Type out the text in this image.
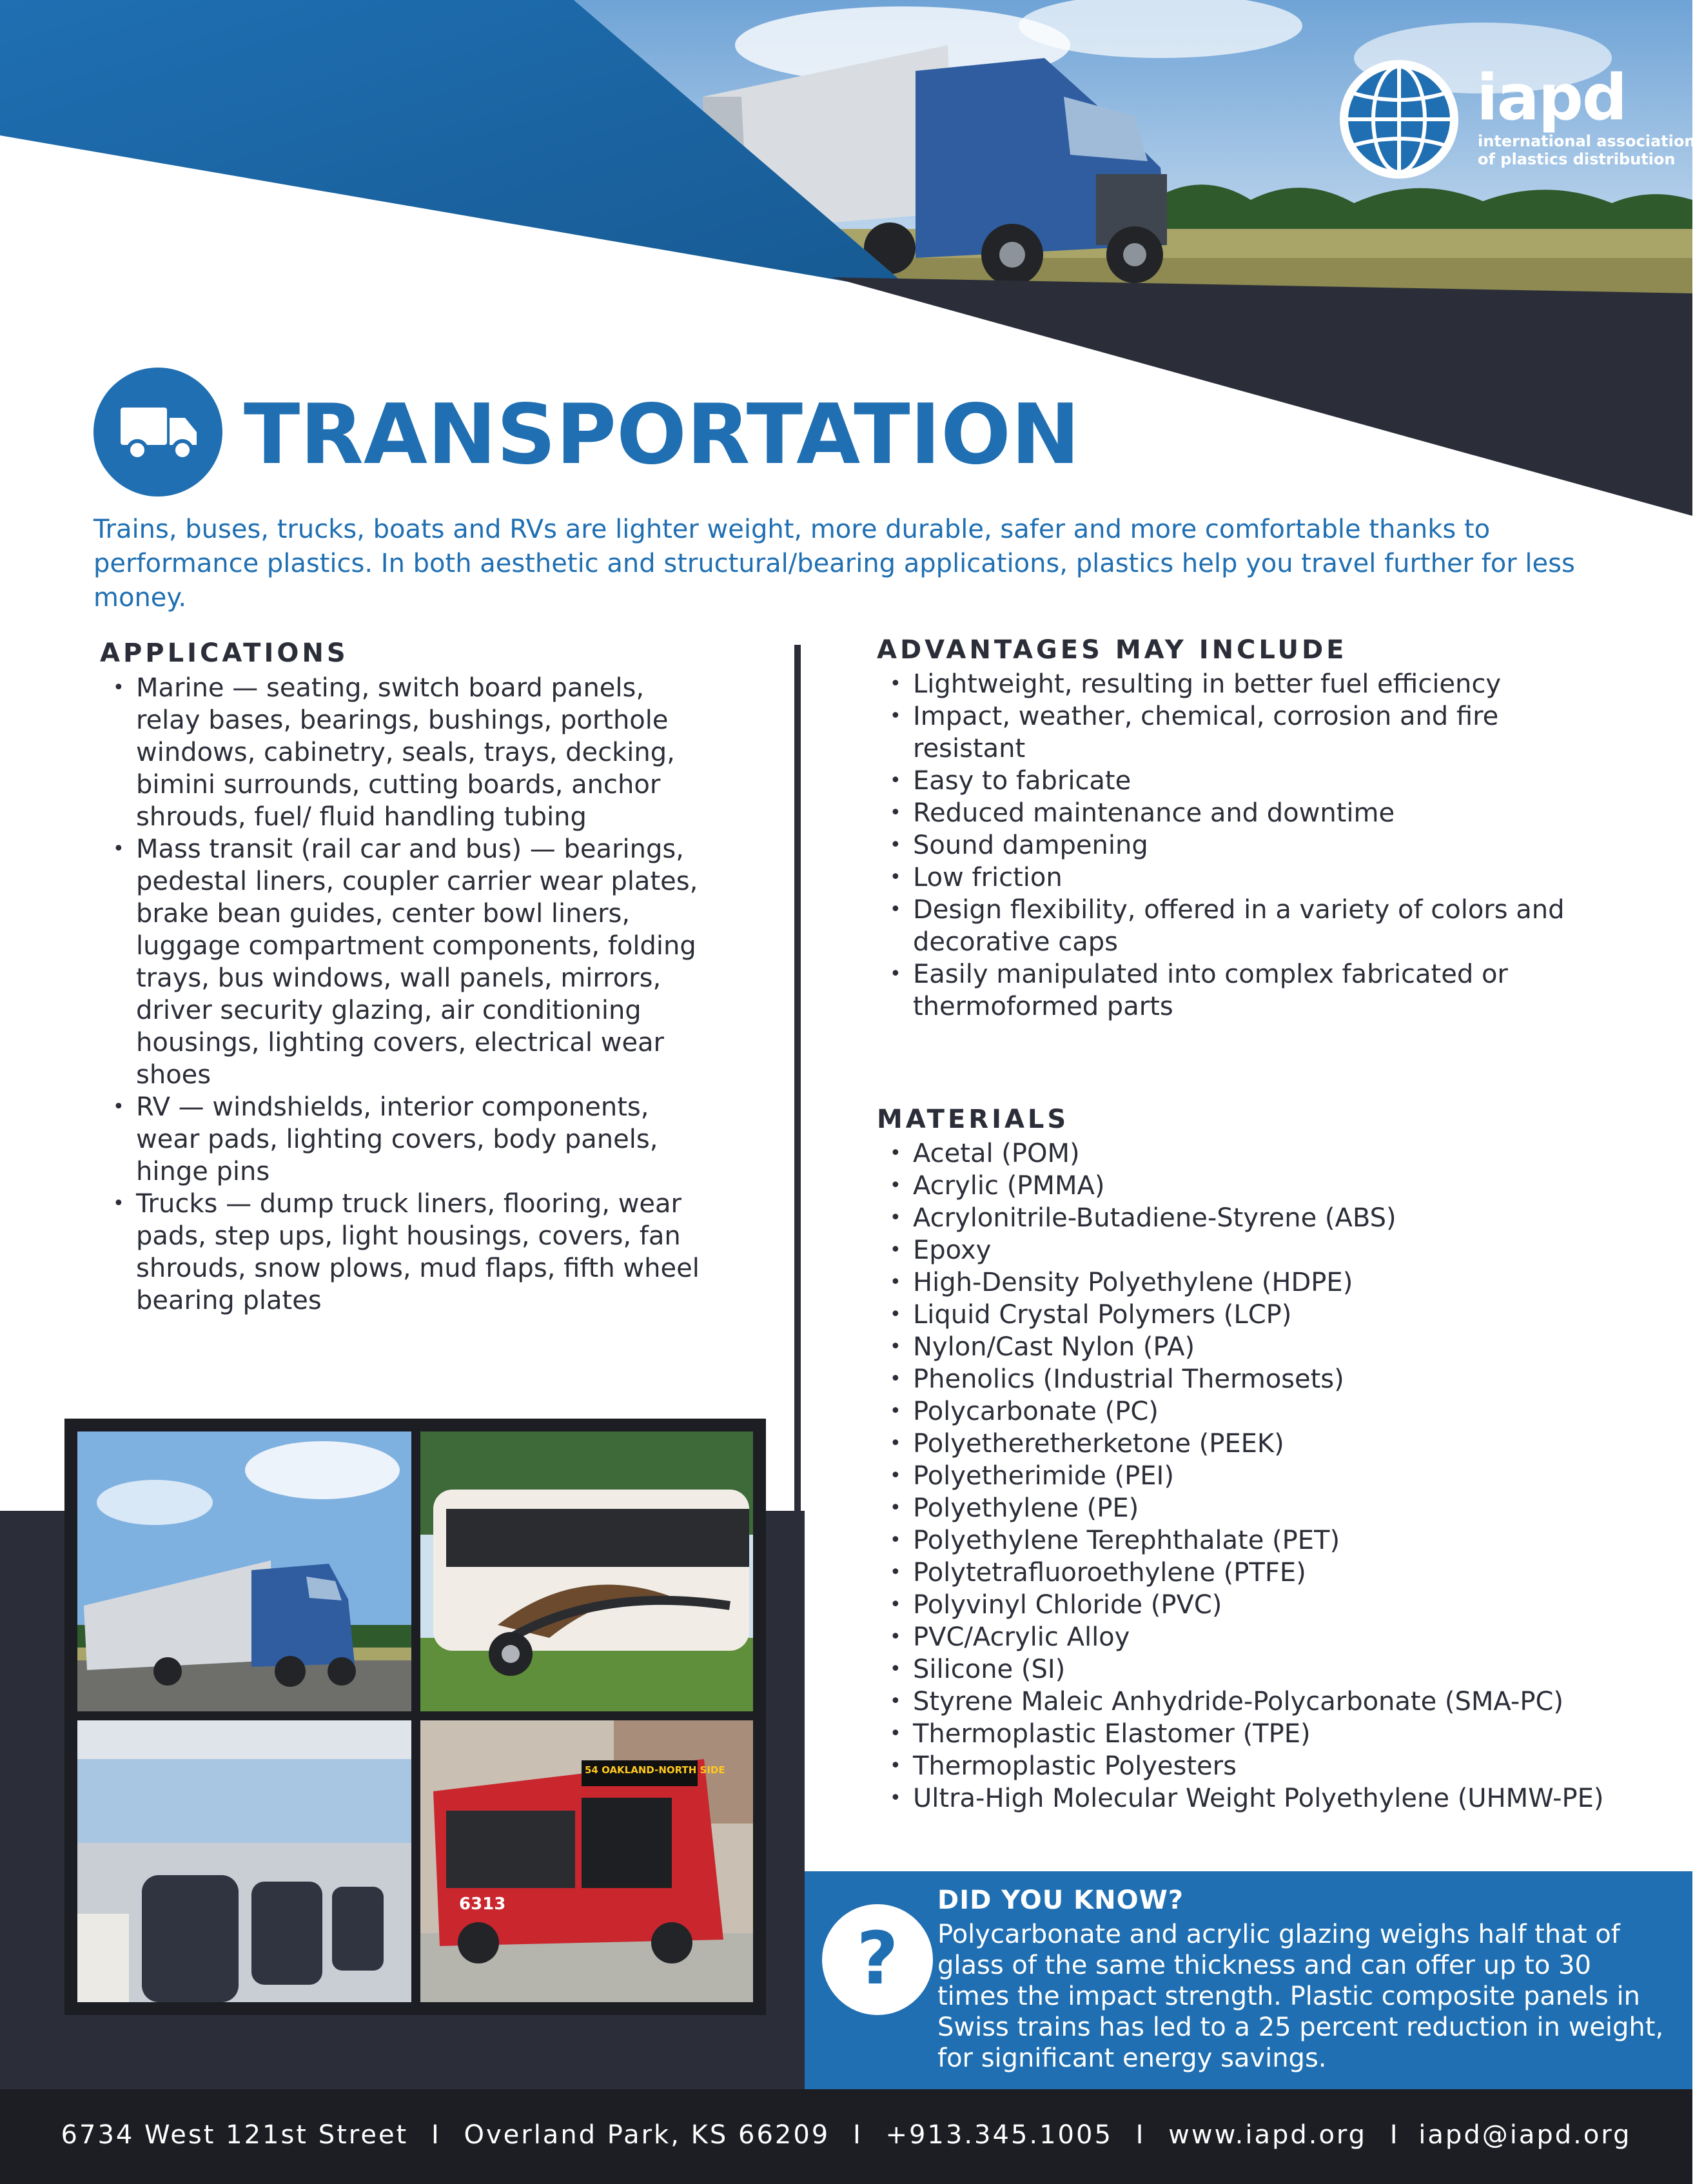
iapd
international association
of plastics distribution
TRANSPORTATION
Trains, buses, trucks, boats and RVs are lighter weight, more durable, safer and more comfortable thanks to performance plastics. In both aesthetic and structural/bearing applications, plastics help you travel further for less money.
APPLICATIONS
• Marine — seating, switch board panels, relay bases, bearings, bushings, porthole windows, cabinetry, seals, trays, decking, bimini surrounds, cutting boards, anchor shrouds, fuel/ fluid handling tubing
• Mass transit (rail car and bus) — bearings, pedestal liners, coupler carrier wear plates, brake bean guides, center bowl liners, luggage compartment components, folding trays, bus windows, wall panels, mirrors, driver security glazing, air conditioning housings, lighting covers, electrical wear shoes
• RV — windshields, interior components, wear pads, lighting covers, body panels, hinge pins
• Trucks — dump truck liners, flooring, wear pads, step ups, light housings, covers, fan shrouds, snow plows, mud flaps, fifth wheel bearing plates
ADVANTAGES MAY INCLUDE
• Lightweight, resulting in better fuel efficiency
• Impact, weather, chemical, corrosion and fire resistant
• Easy to fabricate
• Reduced maintenance and downtime
• Sound dampening
• Low friction
• Design flexibility, offered in a variety of colors and decorative caps
• Easily manipulated into complex fabricated or thermoformed parts
MATERIALS
• Acetal (POM)
• Acrylic (PMMA)
• Acrylonitrile-Butadiene-Styrene (ABS)
• Epoxy
• High-Density Polyethylene (HDPE)
• Liquid Crystal Polymers (LCP)
• Nylon/Cast Nylon (PA)
• Phenolics (Industrial Thermosets)
• Polycarbonate (PC)
• Polyetheretherketone (PEEK)
• Polyetherimide (PEI)
• Polyethylene (PE)
• Polyethylene Terephthalate (PET)
• Polytetrafluoroethylene (PTFE)
• Polyvinyl Chloride (PVC)
• PVC/Acrylic Alloy
• Silicone (SI)
• Styrene Maleic Anhydride-Polycarbonate (SMA-PC)
• Thermoplastic Elastomer (TPE)
• Thermoplastic Polyesters
• Ultra-High Molecular Weight Polyethylene (UHMW-PE)
54 OAKLAND-NORTH SIDE
6313
?
DID YOU KNOW?
Polycarbonate and acrylic glazing weighs half that of glass of the same thickness and can offer up to 30 times the impact strength. Plastic composite panels in Swiss trains has led to a 25 percent reduction in weight, for significant energy savings.
6734 West 121st Street I Overland Park, KS 66209 I +913.345.1005 I www.iapd.org I iapd@iapd.org
